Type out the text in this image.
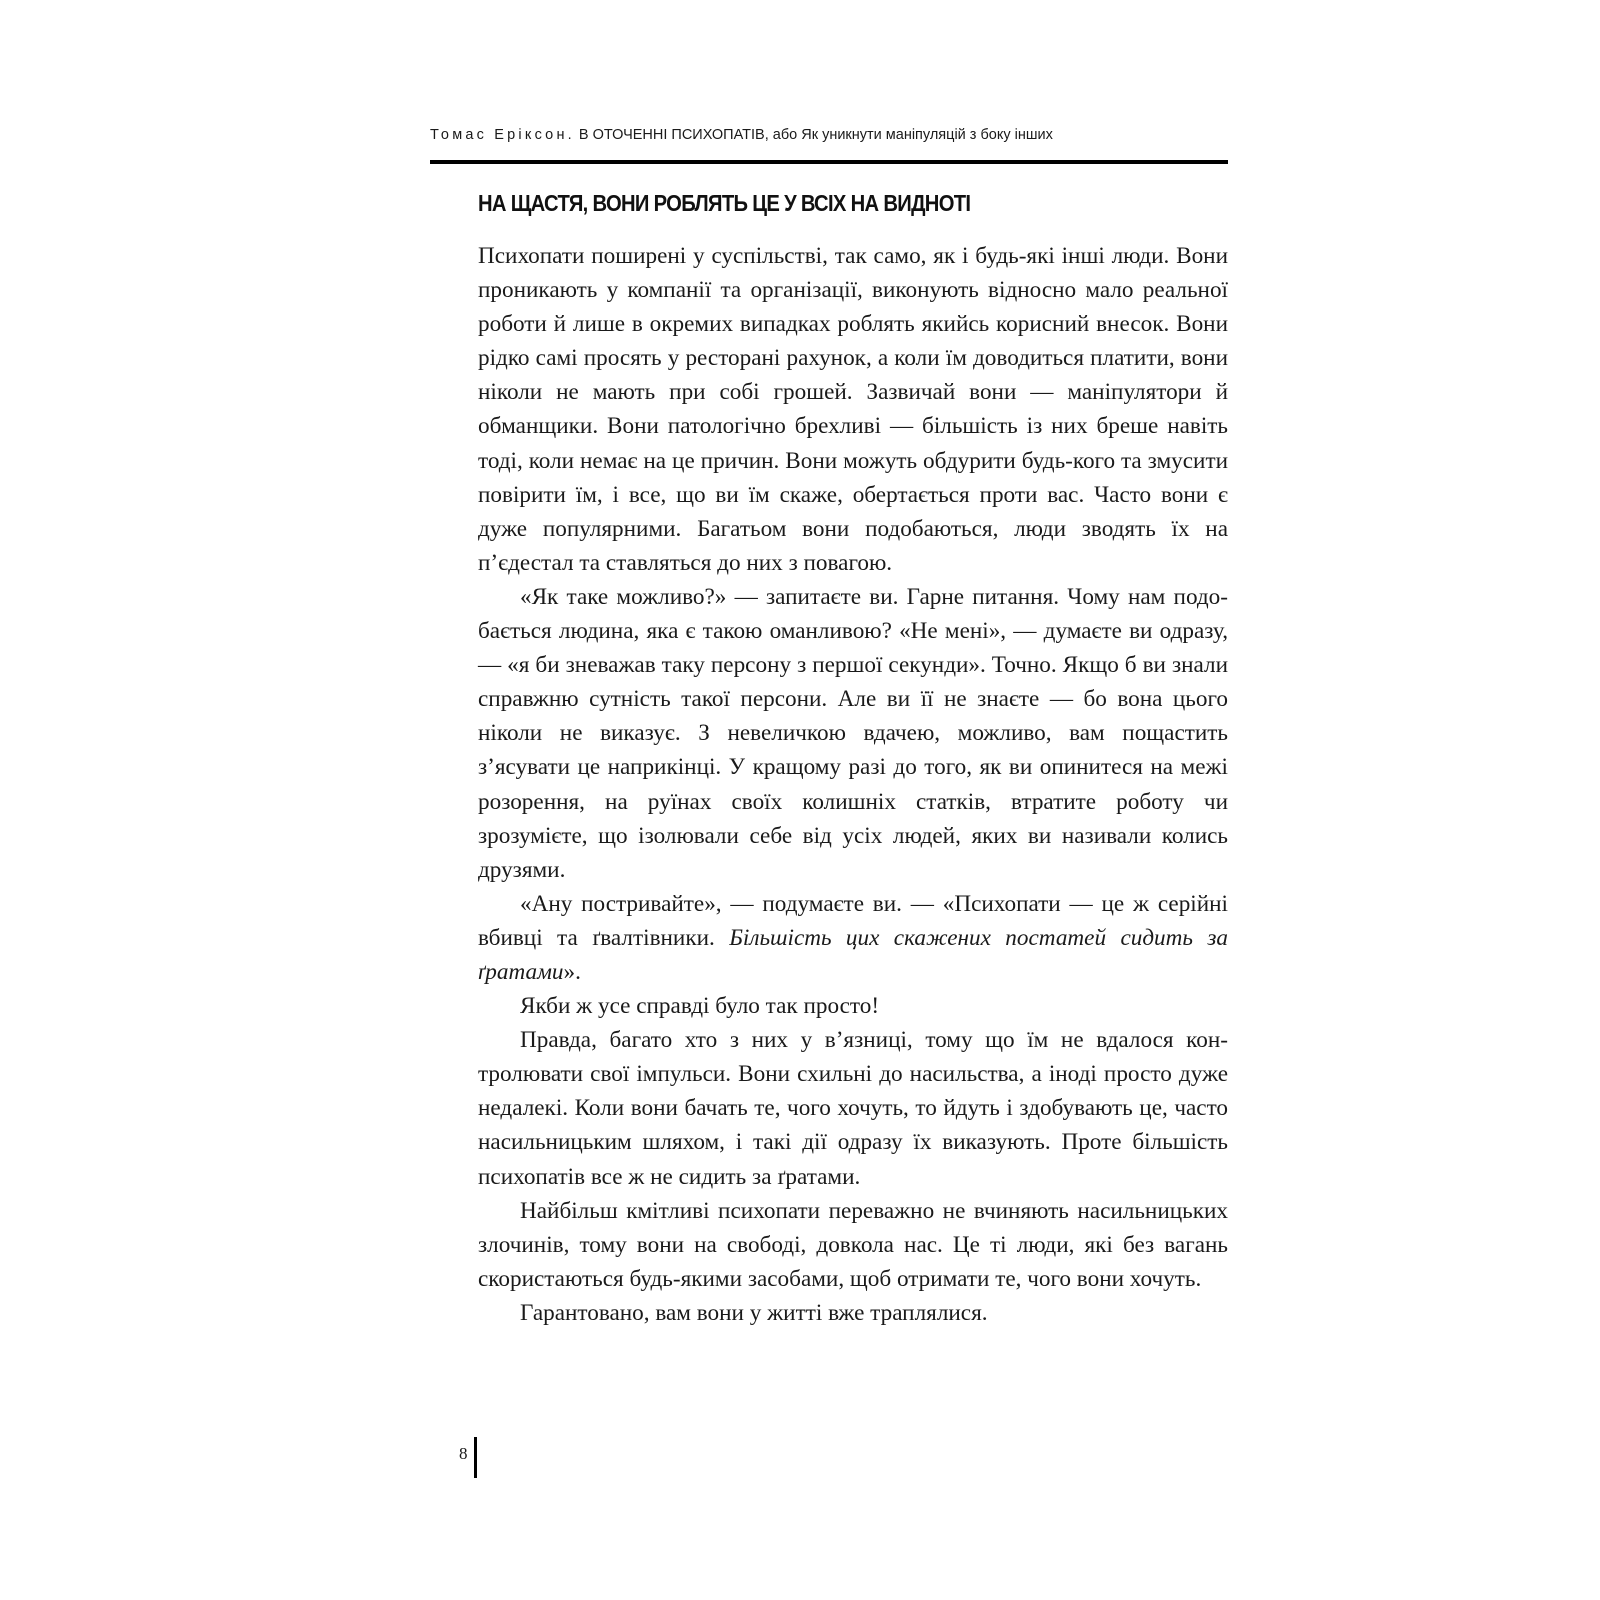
Томас Еріксон. В ОТОЧЕННІ ПСИХОПАТІВ, або Як уникнути маніпуляцій з боку інших
НА ЩАСТЯ, ВОНИ РОБЛЯТЬ ЦЕ У ВСІХ НА ВИДНОТІ

Психопати поширені у суспільстві, так само, як і будь-які інші люди. Вони проникають у компанії та організації, виконують відносно мало реальної роботи й лише в окремих випадках роблять якийсь корисний внесок. Вони рідко самі просять у ресторані рахунок, а коли їм доводиться платити, вони ніколи не мають при собі грошей. Зазвичай вони — маніпулятори й обманщики. Вони патологічно брехливі — більшість із них бреше навіть тоді, коли немає на це причин. Вони можуть обдурити будь-кого та змусити повірити їм, і все, що ви їм скаже, обертається проти вас. Часто вони є дуже популярними. Багатьом вони подобаються, люди зводять їх на п’єдестал та ставляться до них з повагою.

«Як таке можливо?» — запитаєте ви. Гарне питання. Чому нам подобається людина, яка є такою оманливою? «Не мені», — думаєте ви одразу, — «я би зневажав таку персону з першої секунди». Точно. Якщо б ви знали справжню сутність такої персони. Але ви її не знаєте — бо вона цього ніколи не виказує. З невеличкою вдачею, можливо, вам пощастить з’ясувати це наприкінці. У кращому разі до того, як ви опинитеся на межі розорення, на руїнах своїх колишніх статків, втратите роботу чи зрозумієте, що ізолювали себе від усіх людей, яких ви називали колись друзями.

«Ану постривайте», — подумаєте ви. — «Психопати — це ж серійні вбивці та ґвалтівники. Більшість цих скажених постатей сидить за ґратами».

Якби ж усе справді було так просто!

Правда, багато хто з них у в’язниці, тому що їм не вдалося контролювати свої імпульси. Вони схильні до насильства, а іноді просто дуже недалекі. Коли вони бачать те, чого хочуть, то йдуть і здобувають це, часто насильницьким шляхом, і такі дії одразу їх виказують. Проте більшість психопатів все ж не сидить за ґратами.

Найбільш кмітливі психопати переважно не вчиняють насильницьких злочинів, тому вони на свободі, довкола нас. Це ті люди, які без вагань скористаються будь-якими засобами, щоб отримати те, чого вони хочуть.

Гарантовано, вам вони у житті вже траплялися.

8
